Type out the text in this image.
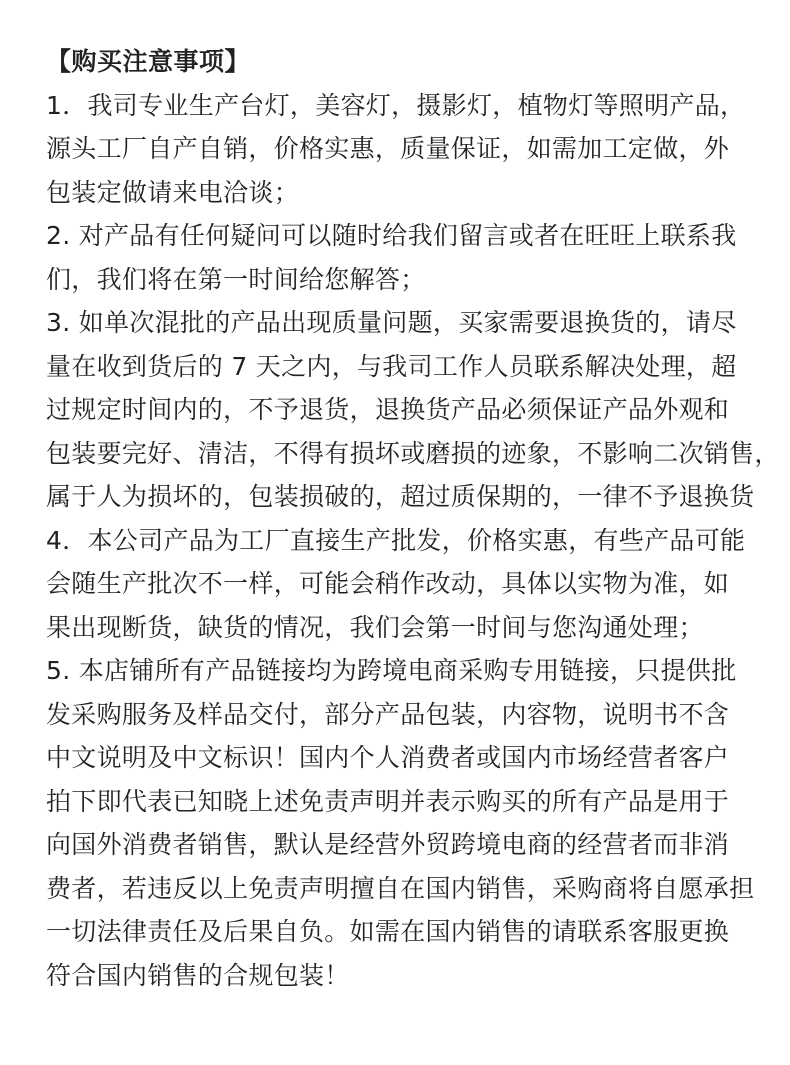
【购买注意事项】

1．我司专业生产台灯，美容灯，摄影灯，植物灯等照明产品，

源头工厂自产自销，价格实惠，质量保证，如需加工定做，外

包装定做请来电洽谈；

2. 对产品有任何疑问可以随时给我们留言或者在旺旺上联系我

们，我们将在第一时间给您解答；

3. 如单次混批的产品出现质量问题，买家需要退换货的，请尽

量在收到货后的 7 天之内，与我司工作人员联系解决处理，超

过规定时间内的，不予退货，退换货产品必须保证产品外观和

包装要完好、清洁，不得有损坏或磨损的迹象，不影响二次销售，

属于人为损坏的，包装损破的，超过质保期的，一律不予退换货

4．本公司产品为工厂直接生产批发，价格实惠，有些产品可能

会随生产批次不一样，可能会稍作改动，具体以实物为准，如

果出现断货，缺货的情况，我们会第一时间与您沟通处理；

5. 本店铺所有产品链接均为跨境电商采购专用链接，只提供批

发采购服务及样品交付，部分产品包装，内容物，说明书不含

中文说明及中文标识！国内个人消费者或国内市场经营者客户

拍下即代表已知晓上述免责声明并表示购买的所有产品是用于

向国外消费者销售，默认是经营外贸跨境电商的经营者而非消

费者，若违反以上免责声明擅自在国内销售，采购商将自愿承担

一切法律责任及后果自负。如需在国内销售的请联系客服更换

符合国内销售的合规包装！
